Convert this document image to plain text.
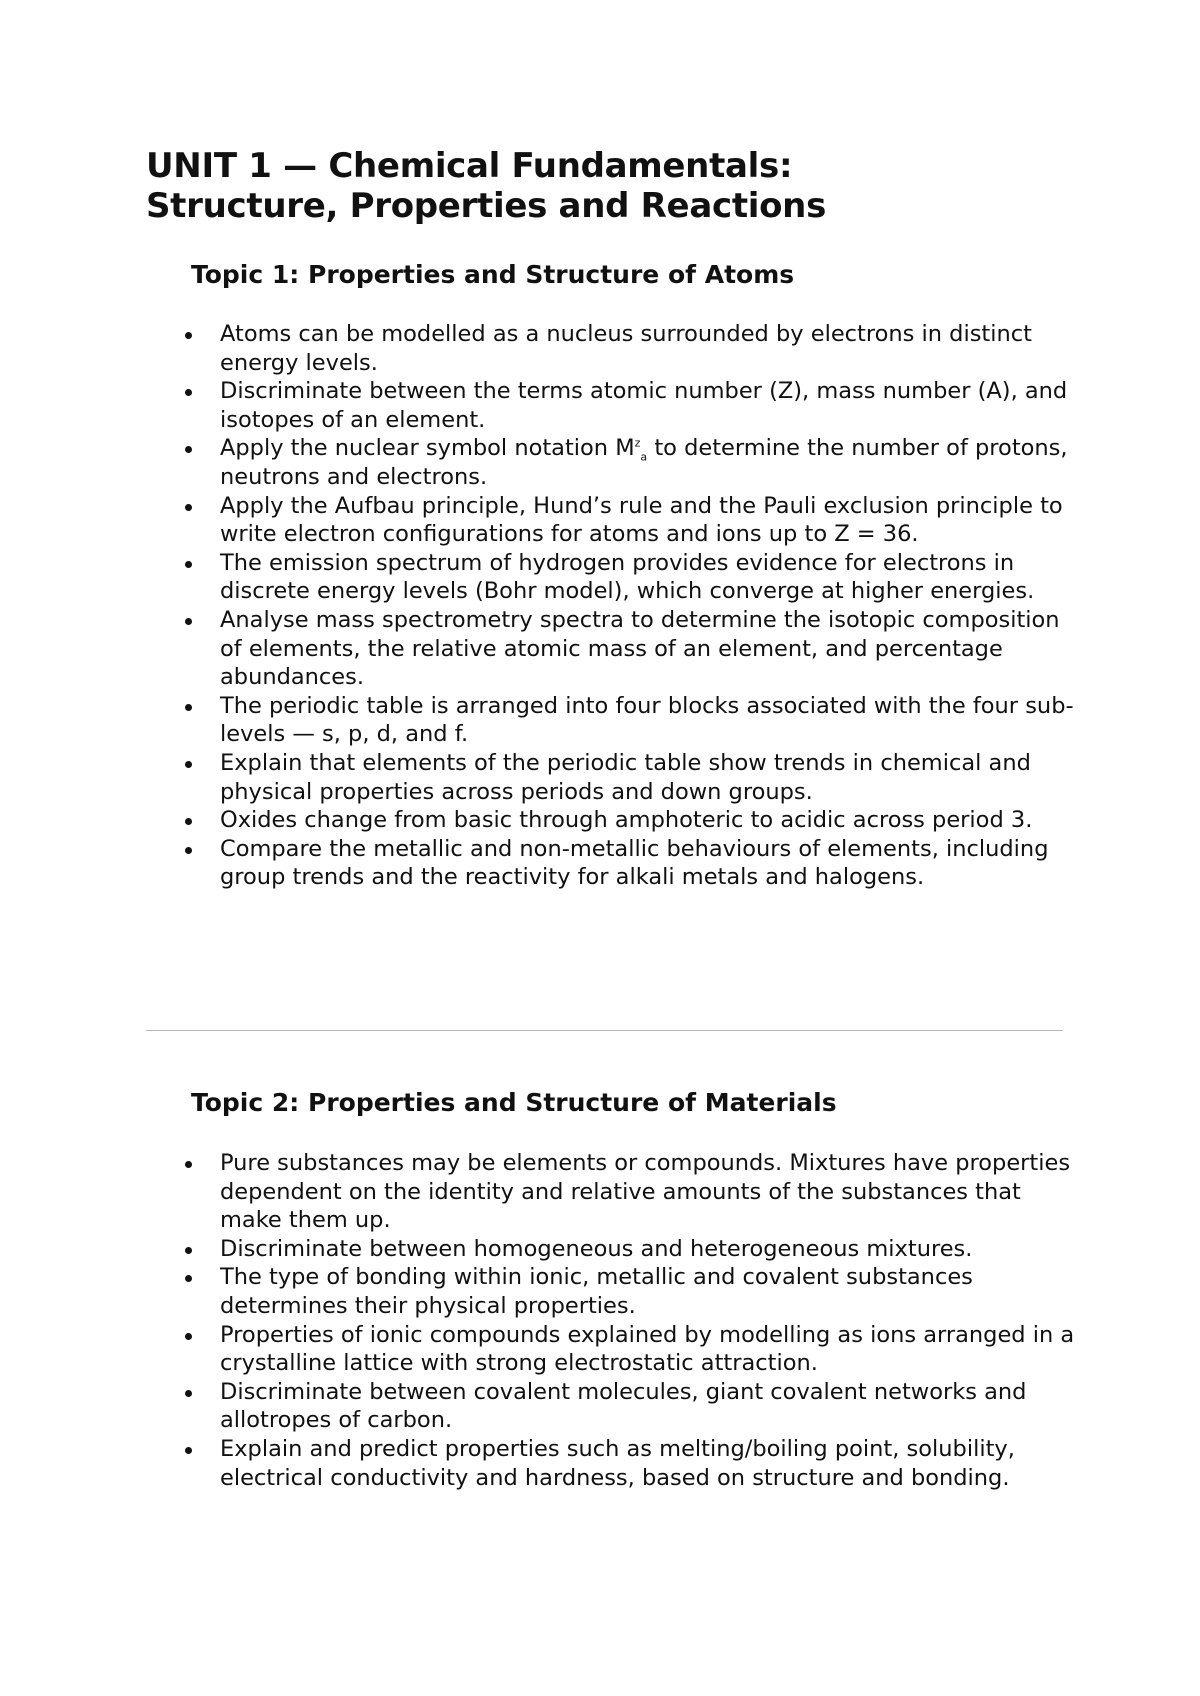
UNIT 1 — Chemical Fundamentals:
Structure, Properties and Reactions
Topic 1: Properties and Structure of Atoms
Atoms can be modelled as a nucleus surrounded by electrons in distinct energy levels.
Discriminate between the terms atomic number (Z), mass number (A), and isotopes of an element.
Apply the nuclear symbol notation $M^z_a$ to determine the number of protons, neutrons and electrons.
Apply the Aufbau principle, Hund’s rule and the Pauli exclusion principle to write electron configurations for atoms and ions up to Z = 36.
The emission spectrum of hydrogen provides evidence for electrons in discrete energy levels (Bohr model), which converge at higher energies.
Analyse mass spectrometry spectra to determine the isotopic composition of elements, the relative atomic mass of an element, and percentage abundances.
The periodic table is arranged into four blocks associated with the four sub-levels — s, p, d, and f.
Explain that elements of the periodic table show trends in chemical and physical properties across periods and down groups.
Oxides change from basic through amphoteric to acidic across period 3.
Compare the metallic and non-metallic behaviours of elements, including group trends and the reactivity for alkali metals and halogens.
Topic 2: Properties and Structure of Materials
Pure substances may be elements or compounds. Mixtures have properties dependent on the identity and relative amounts of the substances that make them up.
Discriminate between homogeneous and heterogeneous mixtures.
The type of bonding within ionic, metallic and covalent substances determines their physical properties.
Properties of ionic compounds explained by modelling as ions arranged in a crystalline lattice with strong electrostatic attraction.
Discriminate between covalent molecules, giant covalent networks and allotropes of carbon.
Explain and predict properties such as melting/boiling point, solubility, electrical conductivity and hardness, based on structure and bonding.
